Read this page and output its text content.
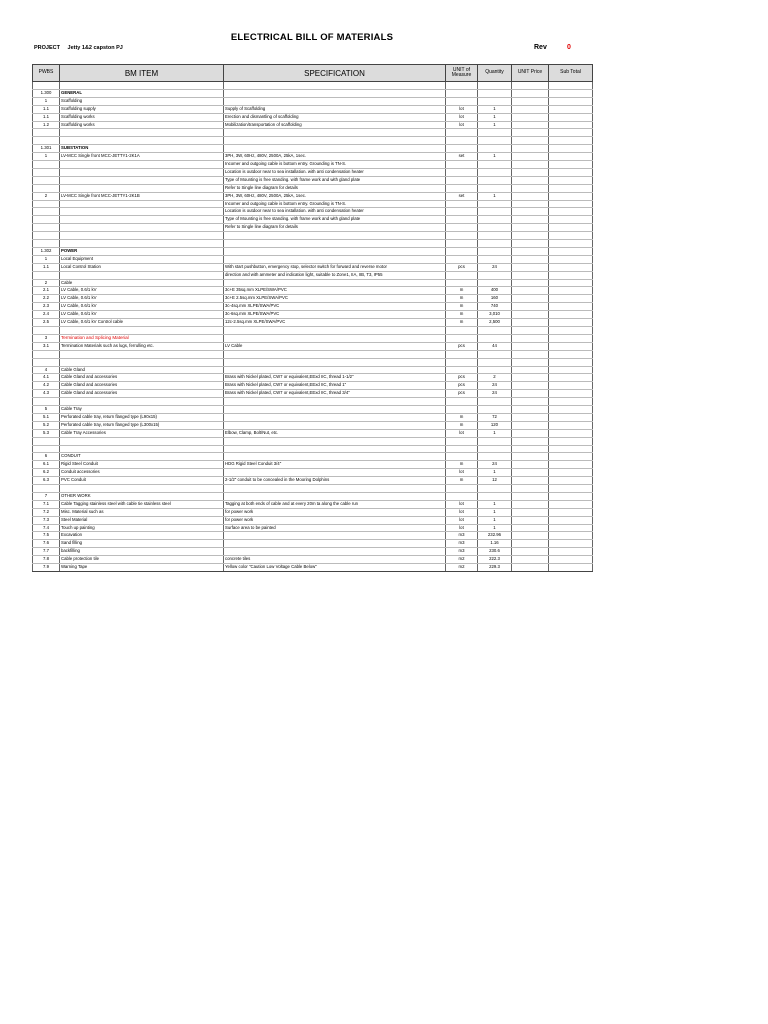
ELECTRICAL BILL OF MATERIALS
PROJECT Jetty 1&2 capston PJ	Rev	0
PWBS	BM ITEM	SPECIFICATION	UNIT of
Measure	Quantity	UNIT Price	Sub Total

1.300	GENERAL					
1	Scaffolding					
1.1	Scaffolding supply	Supply of Scaffolding	lot	1		
1.1	Scaffolding works	Erection and dismantling of scaffolding	lot	1		
1.2	Scaffolding works	Mobilization/transportation of scaffolding	lot	1		

1.301	SUBSTATION					
1	LV-MCC Single front MCC-JETTY1-2K1A	3PH, 3W, 60Hz, 480V, 2500A, 25kA, 1sec.	set	1		
		Incomer and outgoing cable is bottom entry. Grounding is TN-S.				
		Location is outdoor near to sea installation. with anti condensation heater				
		Type of Mounting is free standing. with frame work and with gland plate				
		Refer to Single line diagram for details				
2	LV-MCC Single front MCC-JETTY1-2K1B	3PH, 3W, 60Hz, 480V, 2500A, 25kA, 1sec.	set	1		
		Incomer and outgoing cable is bottom entry. Grounding is TN-S.				
		Location is outdoor near to sea installation. with anti condensation heater				
		Type of Mounting is free standing. with frame work and with gland plate				
		Refer to Single line diagram for details				

1.302	POWER					
1	Local Equipment					
1.1	Local Control Station	With start pushbutton, emergency stop, selector switch for forward and reverse motor	pcs	24		
		direction and with ammeter and indication light, suitable to Zone1, IIA, IIB, T3, IP55				
2	Cable					
2.1	LV Cable, 0.6/1 kV	3c+E 35sq.mm XLPE/SWA/PVC	m	400		
2.2	LV Cable, 0.6/1 kV	3c+E 2.5sq.mm XLPE/SWA/PVC	m	160		
2.3	LV Cable, 0.6/1 kV	3c-4sq.mm XLPE/SWA/PVC	m	740		
2.4	LV Cable, 0.6/1 kV	3c-6sq.mm XLPE/SWA/PVC	m	3,010		
2.5	LV Cable, 0.6/1 kV Control cable	12c-2.5sq.mm XLPE/SWA/PVC	m	2,500		

3	Termination and Splicing Material					
3.1	Termination Materials such as lugs, ferrulling etc.	LV Cable	pcs	44		

4	Cable Gland					
4.1	Cable Gland and accessories	Brass with Nickel plated, CW7 or equivalent,EExd IIC, thread 1-1/2"	pcs	2		
4.2	Cable Gland and accessories	Brass with Nickel plated, CW7 or equivalent,EExd IIC, thread 1"	pcs	24		
4.3	Cable Gland and accessories	Brass with Nickel plated, CW7 or equivalent,EExd IIC, thread 3/4"	pcs	24		

5	Cable Tray					
5.1	Perforated cable tray, return flanged type (L90x15)		m	72		
5.2	Perforated cable tray, return flanged type (L300x15)		m	120		
5.3	Cable Tray Accessories	Elbow, Clamp, Bolt/Nut, etc.	lot	1		

6	CONDUIT					
6.1	Rigid Steel Conduit	HDG Rigid Steel Conduit 3/4"	m	24		
6.2	Conduit accessories		lot	1		
6.3	PVC Conduit	2-1/2" conduit to be concealed in the Mooring Dolphins	m	12		

7	OTHER WORK					
7.1	Cable Tagging stainless steel with cable tie stainless steel	Tagging at both ends of cable and at every 20m ta along the cable run	lot	1		
7.2	Misc. Material such as	for power work	lot	1		
7.3	Steel Material	for power work	lot	1		
7.4	Touch up painting	Surface area to be painted	lot	1		
7.5	Excavation		m3	232.96		
7.6	Sand filling		m3	1.16		
7.7	backfilling		m3	230.6		
7.8	Cable protection tile	concrete tiles	m2	222.3		
7.9	Warning Tape	Yellow color "Caution Low Voltage Cable Below"	m2	229.3		
